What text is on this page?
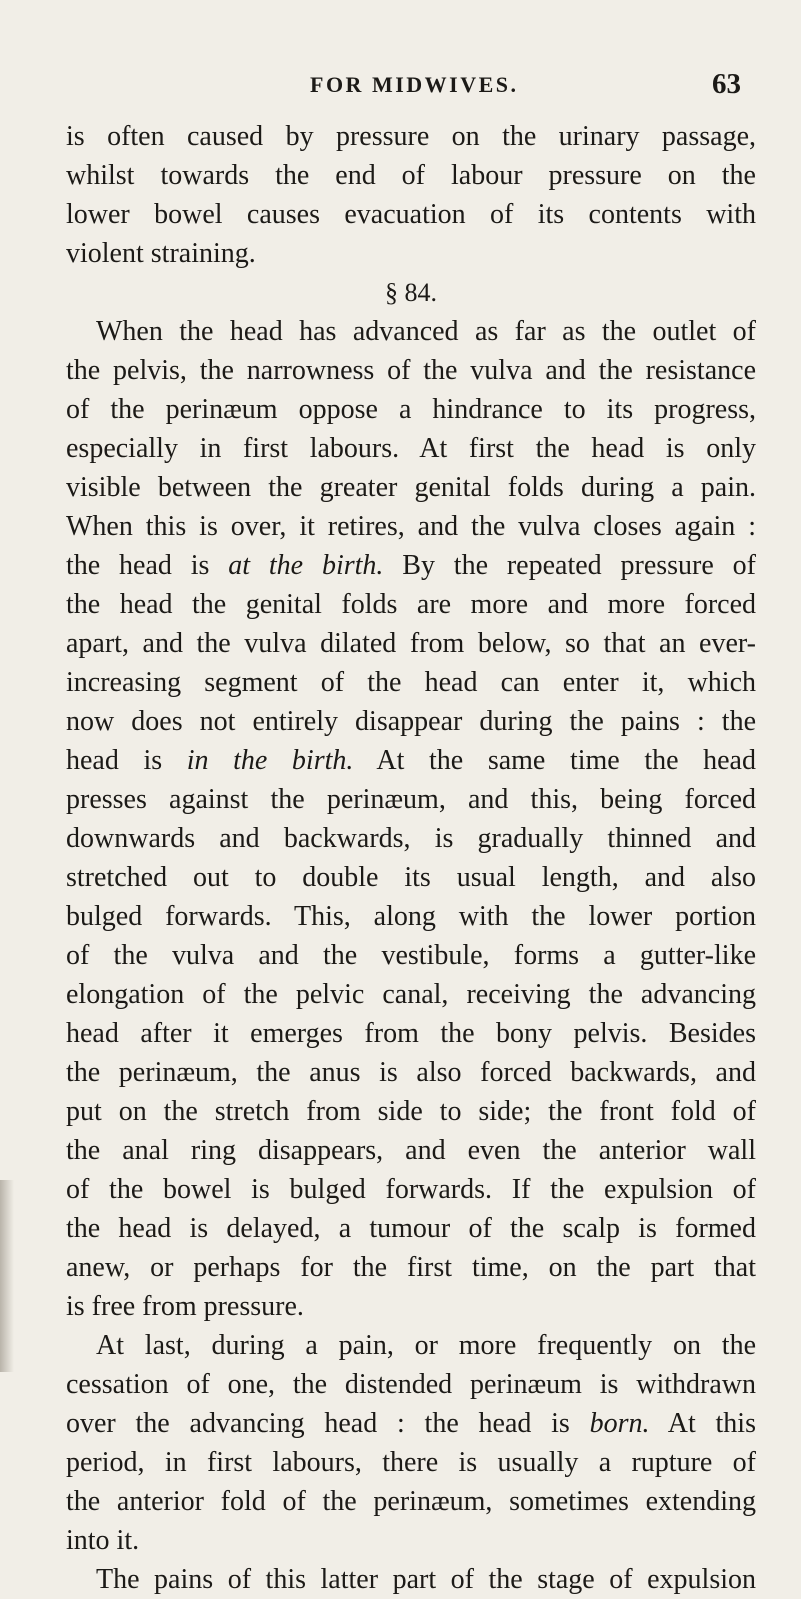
FOR MIDWIVES.	63
is often caused by pressure on the urinary passage,
whilst towards the end of labour pressure on the
lower bowel causes evacuation of its contents with
violent straining.
§ 84.
When the head has advanced as far as the outlet of
the pelvis, the narrowness of the vulva and the resistance
of the perinæum oppose a hindrance to its progress,
especially in first labours. At first the head is only
visible between the greater genital folds during a pain.
When this is over, it retires, and the vulva closes again :
the head is at the birth. By the repeated pressure of
the head the genital folds are more and more forced
apart, and the vulva dilated from below, so that an ever-
increasing segment of the head can enter it, which
now does not entirely disappear during the pains : the
head is in the birth. At the same time the head
presses against the perinæum, and this, being forced
downwards and backwards, is gradually thinned and
stretched out to double its usual length, and also
bulged forwards. This, along with the lower portion
of the vulva and the vestibule, forms a gutter-like
elongation of the pelvic canal, receiving the advancing
head after it emerges from the bony pelvis. Besides
the perinæum, the anus is also forced backwards, and
put on the stretch from side to side; the front fold of
the anal ring disappears, and even the anterior wall
of the bowel is bulged forwards. If the expulsion of
the head is delayed, a tumour of the scalp is formed
anew, or perhaps for the first time, on the part that
is free from pressure.
At last, during a pain, or more frequently on the
cessation of one, the distended perinæum is withdrawn
over the advancing head : the head is born. At this
period, in first labours, there is usually a rupture of
the anterior fold of the perinæum, sometimes extending
into it.
The pains of this latter part of the stage of expulsion
